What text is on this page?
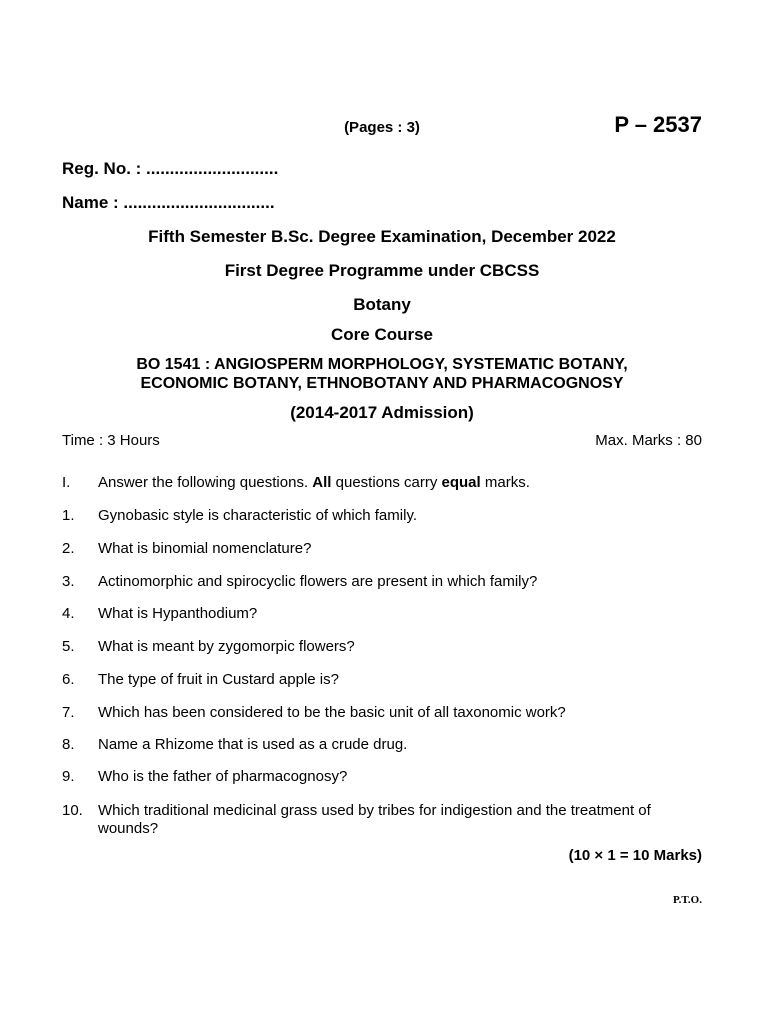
(Pages : 3)	P – 2537
Reg. No. : ............................
Name : ................................
Fifth Semester B.Sc. Degree Examination, December 2022
First Degree Programme under CBCSS
Botany
Core Course
BO 1541 : ANGIOSPERM MORPHOLOGY, SYSTEMATIC BOTANY,
ECONOMIC BOTANY, ETHNOBOTANY AND PHARMACOGNOSY
(2014-2017 Admission)
Time : 3 Hours	Max. Marks : 80
I.	Answer the following questions. All questions carry equal marks.
1.	Gynobasic style is characteristic of which family.
2.	What is binomial nomenclature?
3.	Actinomorphic and spirocyclic flowers are present in which family?
4.	What is Hypanthodium?
5.	What is meant by zygomorpic flowers?
6.	The type of fruit in Custard apple is?
7.	Which has been considered to be the basic unit of all taxonomic work?
8.	Name a Rhizome that is used as a crude drug.
9.	Who is the father of pharmacognosy?
10.	Which traditional medicinal grass used by tribes for indigestion and the treatment of wounds?
(10 × 1 = 10 Marks)
P.T.O.
